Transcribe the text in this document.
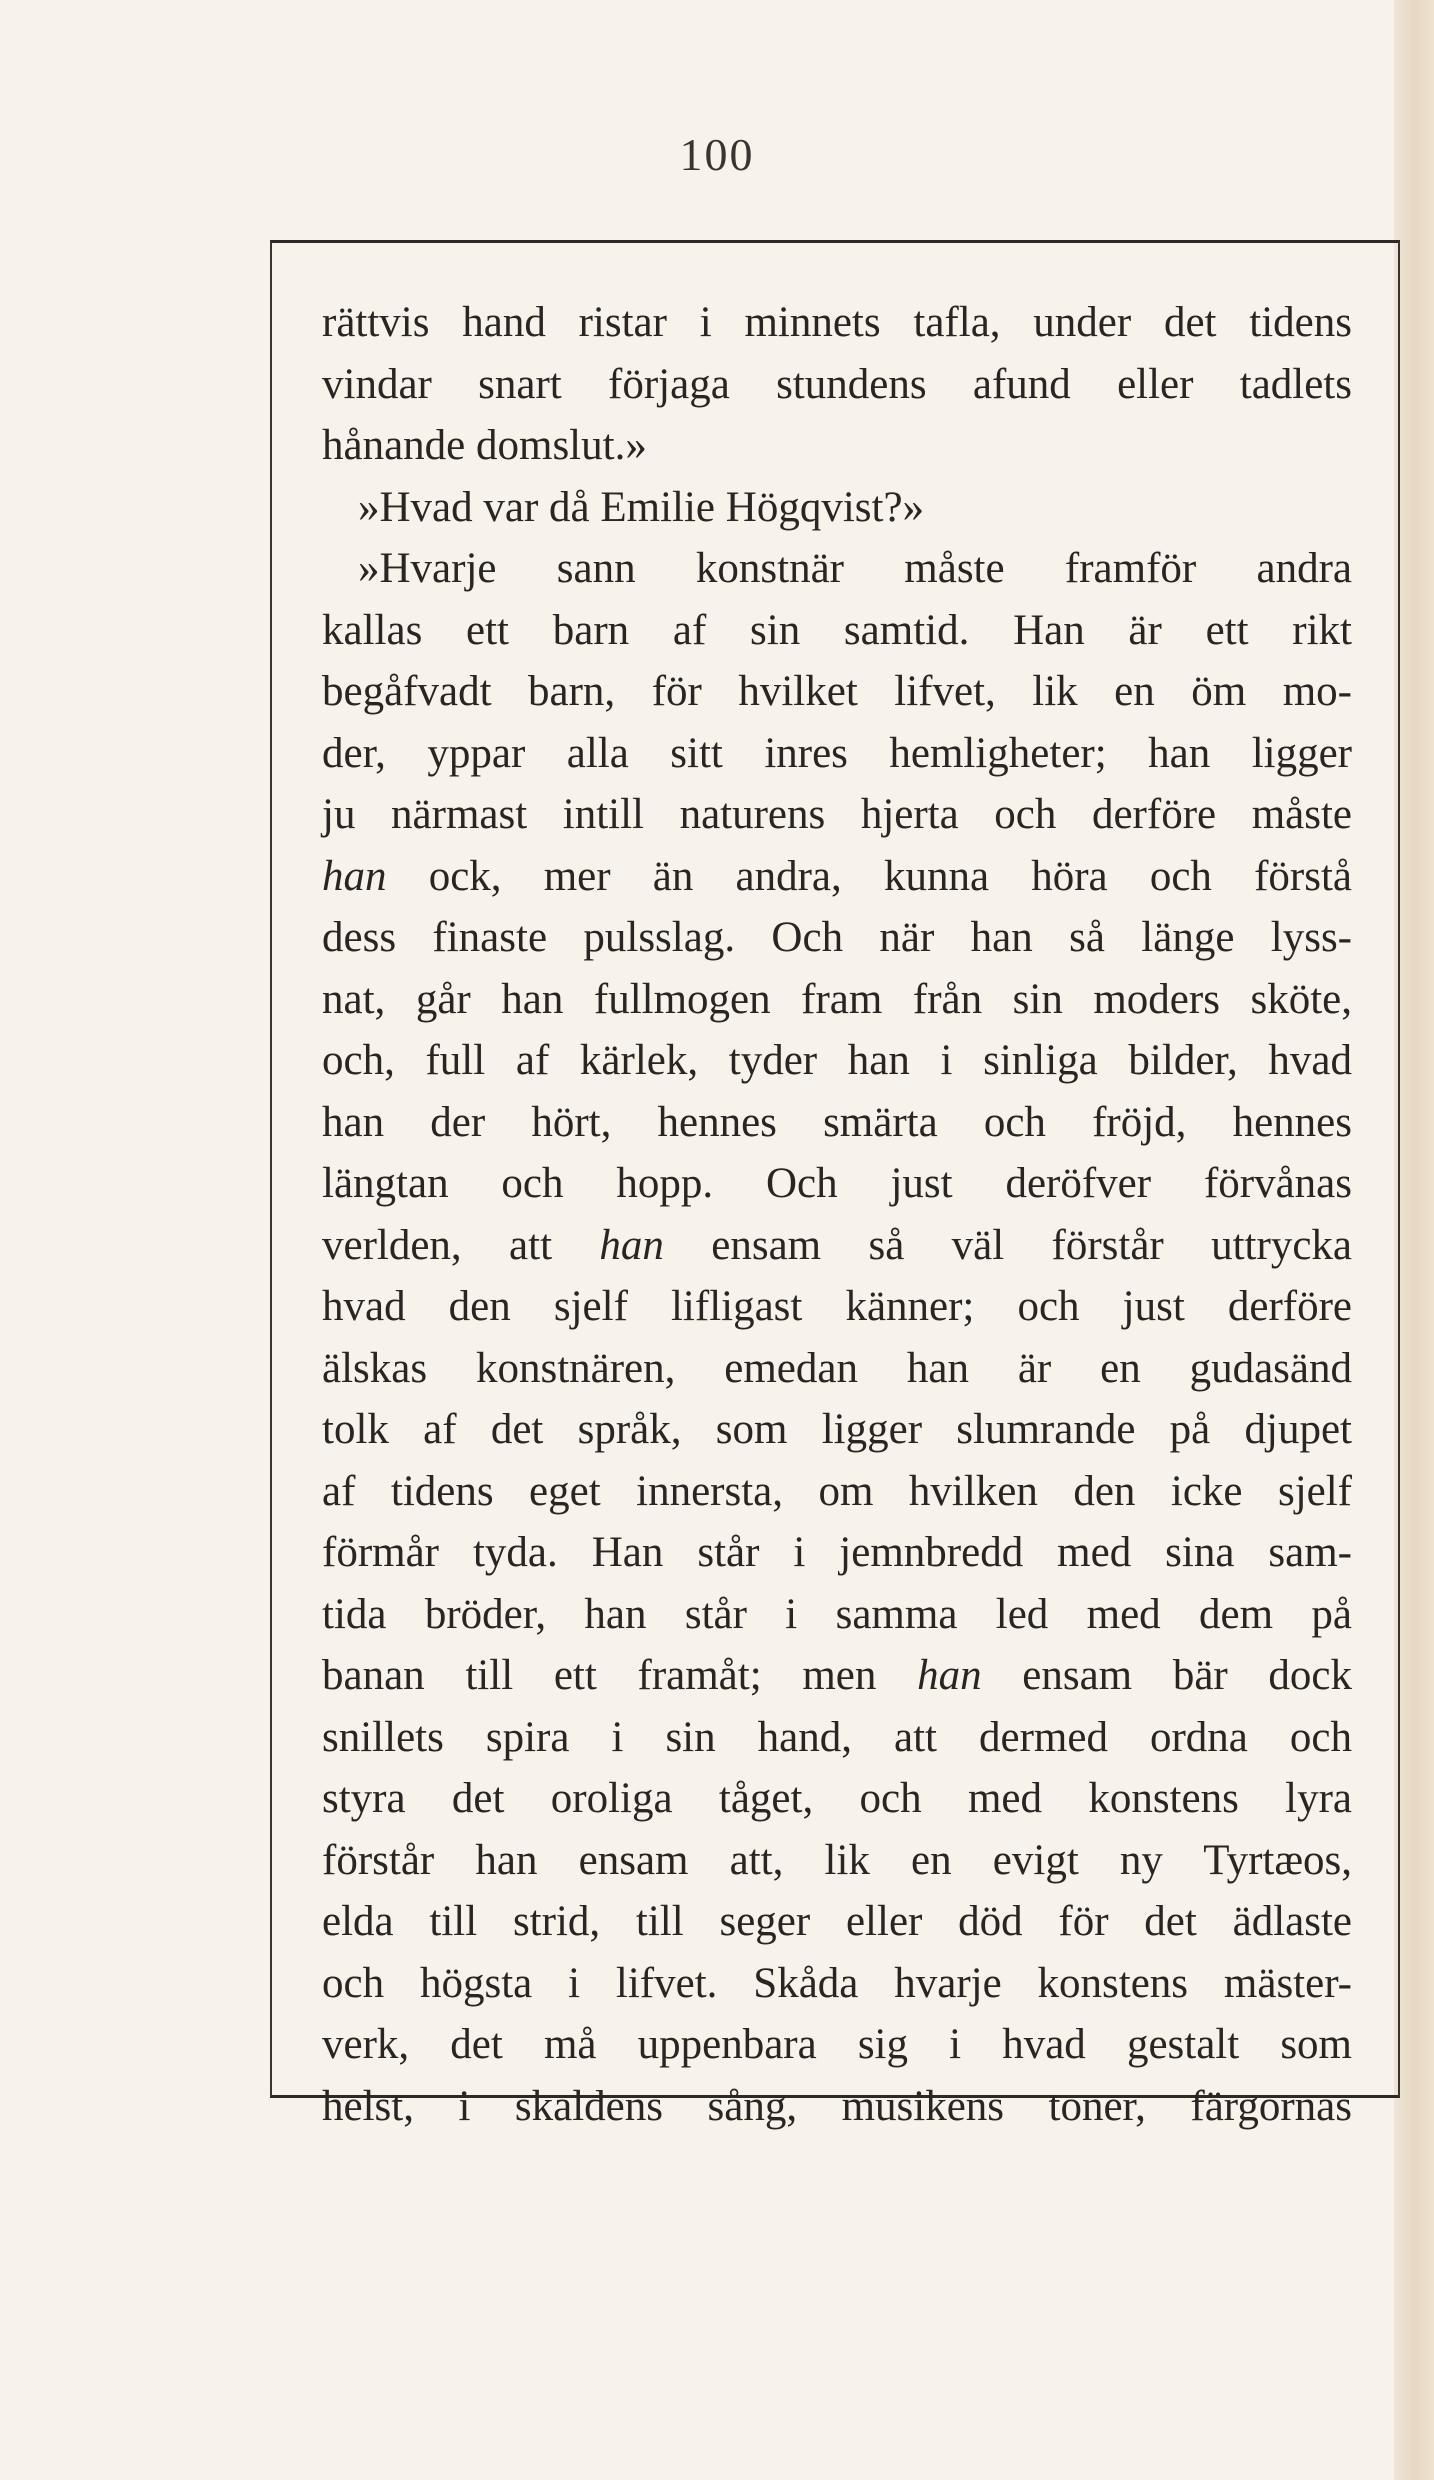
100
rättvis hand ristar i minnets tafla, under det tidens
vindar snart förjaga stundens afund eller tadlets
hånande domslut.»
»Hvad var då Emilie Högqvist?»
»Hvarje sann konstnär måste framför andra
kallas ett barn af sin samtid. Han är ett rikt
begåfvadt barn, för hvilket lifvet, lik en öm mo-
der, yppar alla sitt inres hemligheter; han ligger
ju närmast intill naturens hjerta och derföre måste
han ock, mer än andra, kunna höra och förstå
dess finaste pulsslag. Och när han så länge lyss-
nat, går han fullmogen fram från sin moders sköte,
och, full af kärlek, tyder han i sinliga bilder, hvad
han der hört, hennes smärta och fröjd, hennes
längtan och hopp. Och just deröfver förvånas
verlden, att han ensam så väl förstår uttrycka
hvad den sjelf lifligast känner; och just derföre
älskas konstnären, emedan han är en gudasänd
tolk af det språk, som ligger slumrande på djupet
af tidens eget innersta, om hvilken den icke sjelf
förmår tyda. Han står i jemnbredd med sina sam-
tida bröder, han står i samma led med dem på
banan till ett framåt; men han ensam bär dock
snillets spira i sin hand, att dermed ordna och
styra det oroliga tåget, och med konstens lyra
förstår han ensam att, lik en evigt ny Tyrtæos,
elda till strid, till seger eller död för det ädlaste
och högsta i lifvet. Skåda hvarje konstens mäster-
verk, det må uppenbara sig i hvad gestalt som
helst, i skaldens sång, musikens toner, färgornas
